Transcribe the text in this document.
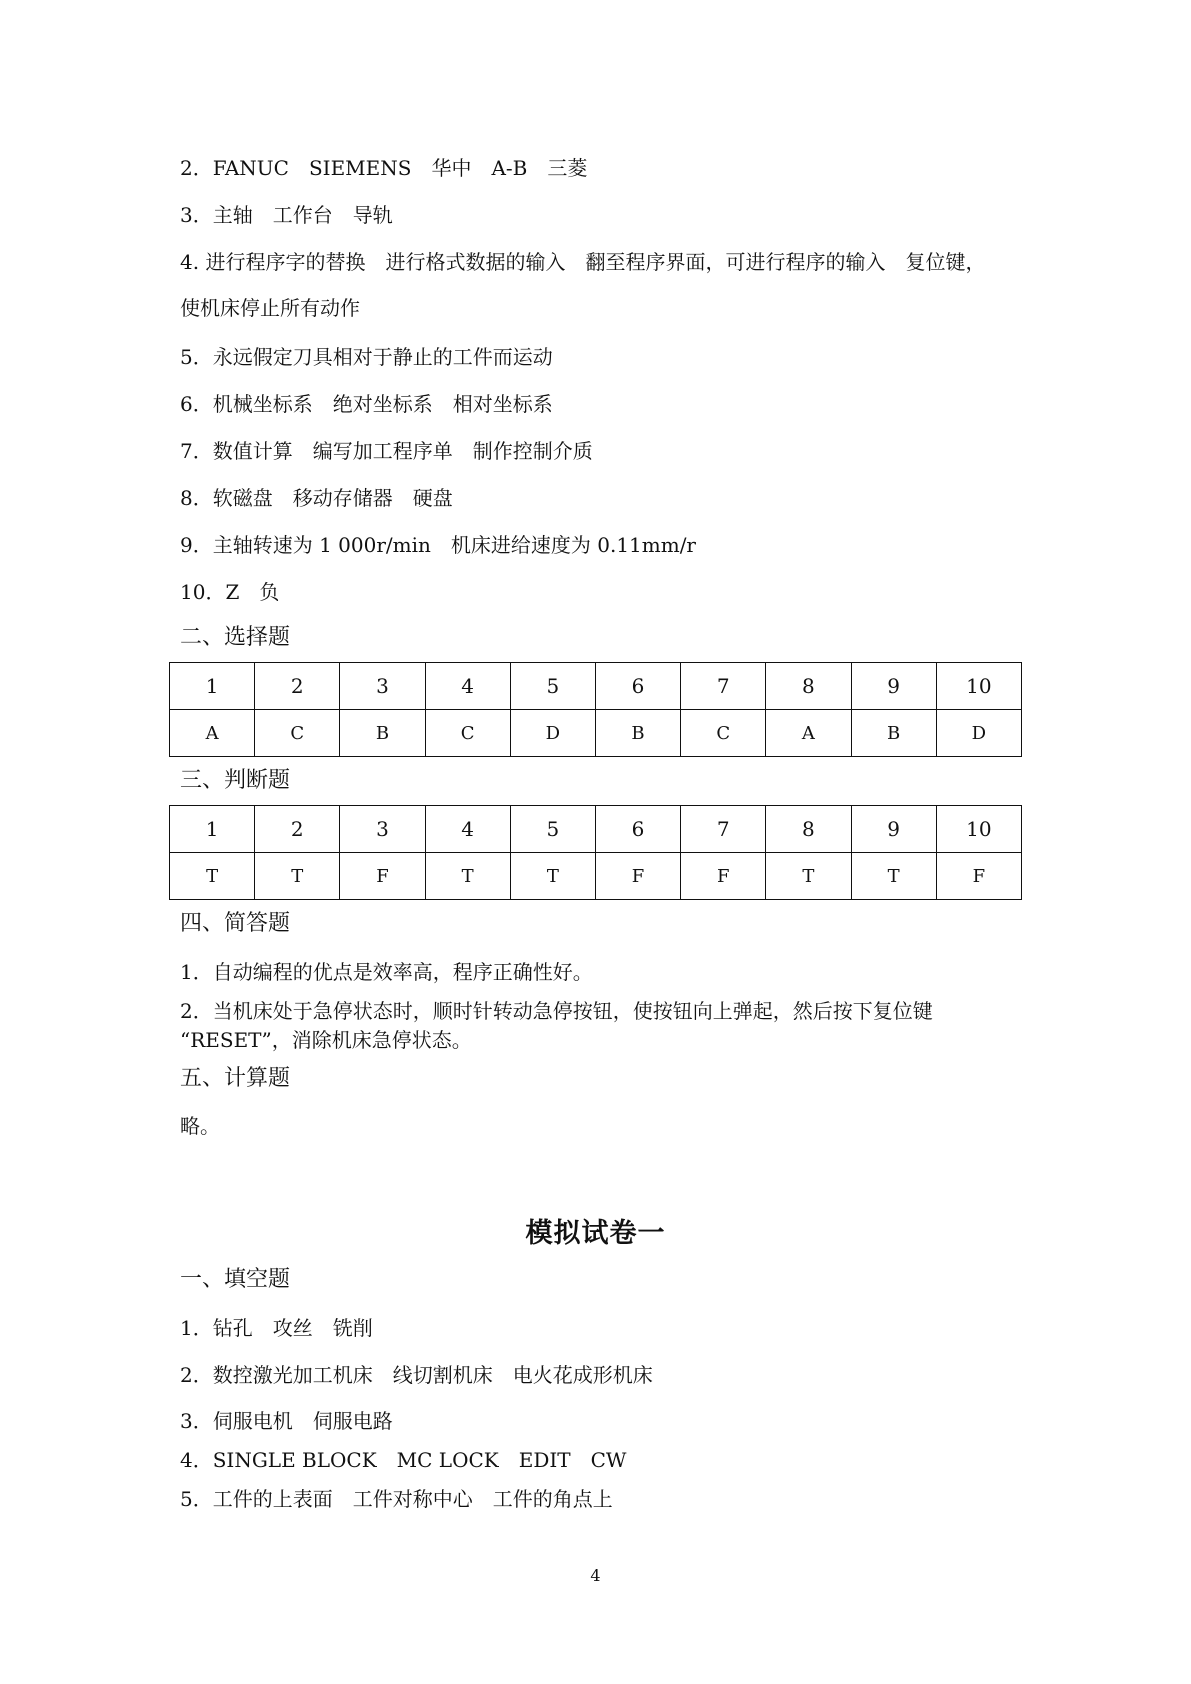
2．FANUC　SIEMENS　华中　A-B　三菱
3．主轴　工作台　导轨
4. 进行程序字的替换　进行格式数据的输入　翻至程序界面，可进行程序的输入　复位键，
使机床停止所有动作
5．永远假定刀具相对于静止的工件而运动
6．机械坐标系　绝对坐标系　相对坐标系
7．数值计算　编写加工程序单　制作控制介质
8．软磁盘　移动存储器　硬盘
9．主轴转速为 1 000r/min　机床进给速度为 0.11mm/r
10．Z　负
二、选择题
1	2	3	4	5	6	7	8	9	10
A	C	B	C	D	B	C	A	B	D
三、判断题
1	2	3	4	5	6	7	8	9	10
T	T	F	T	T	F	F	T	T	F
四、简答题
1．自动编程的优点是效率高，程序正确性好。
2．当机床处于急停状态时，顺时针转动急停按钮，使按钮向上弹起，然后按下复位键
“RESET”，消除机床急停状态。
五、计算题
略。
模拟试卷一
一、填空题
1．钻孔　攻丝　铣削
2．数控激光加工机床　线切割机床　电火花成形机床
3．伺服电机　伺服电路
4．SINGLE BLOCK　MC LOCK　EDIT　CW
5．工件的上表面　工件对称中心　工件的角点上
4
